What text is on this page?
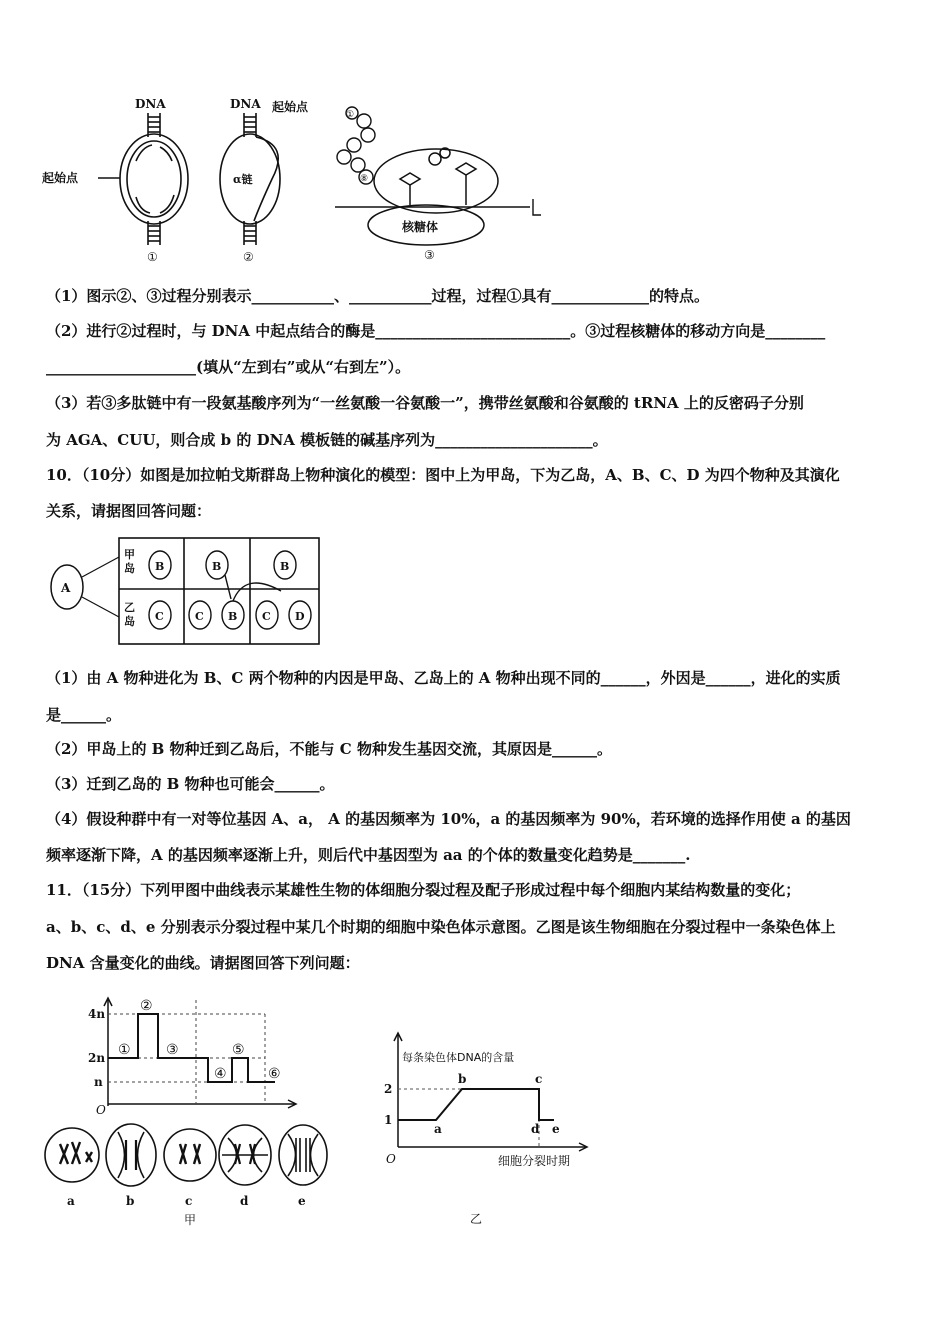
DNA
起始点
①
DNA 起始点
α链
②
①
⑧
核糖体
③
（1）图示②、③过程分别表示___________、___________过程，过程①具有_____________的特点。
（2）进行②过程时，与 DNA 中起点结合的酶是__________________________。③过程核糖体的移动方向是________
____________________(填从“左到右”或从“右到左”）。
（3）若③多肽链中有一段氨基酸序列为“一丝氨酸一谷氨酸一”，携带丝氨酸和谷氨酸的 tRNA 上的反密码子分别
为 AGA、CUU，则合成 b 的 DNA 模板链的碱基序列为_____________________。
10．（10分）如图是加拉帕戈斯群岛上物种演化的模型：图中上为甲岛，下为乙岛，A、B、C、D 为四个物种及其演化
关系，请据图回答问题：
A
甲
岛
乙
岛
B	B	B
C	C B C D
（1）由 A 物种进化为 B、C 两个物种的内因是甲岛、乙岛上的 A 物种出现不同的______，外因是______，进化的实质
是______。
（2）甲岛上的 B 物种迁到乙岛后，不能与 C 物种发生基因交流，其原因是______。
（3）迁到乙岛的 B 物种也可能会______。
（4）假设种群中有一对等位基因 A、a， A 的基因频率为 10%，a 的基因频率为 90%，若环境的选择作用使 a 的基因
频率逐渐下降，A 的基因频率逐渐上升，则后代中基因型为 aa 的个体的数量变化趋势是_______.
11．（15分）下列甲图中曲线表示某雄性生物的体细胞分裂过程及配子形成过程中每个细胞内某结构数量的变化；
a、b、c、d、e 分别表示分裂过程中某几个时期的细胞中染色体示意图。乙图是该生物细胞在分裂过程中一条染色体上
DNA 含量变化的曲线。请据图回答下列问题：
4n
2n
n
O
①
②
③
④
⑤
⑥
a	b	c	d	e
甲
每条染色体DNA的含量
2
1
O
a
b	c
d e
细胞分裂时期
乙
